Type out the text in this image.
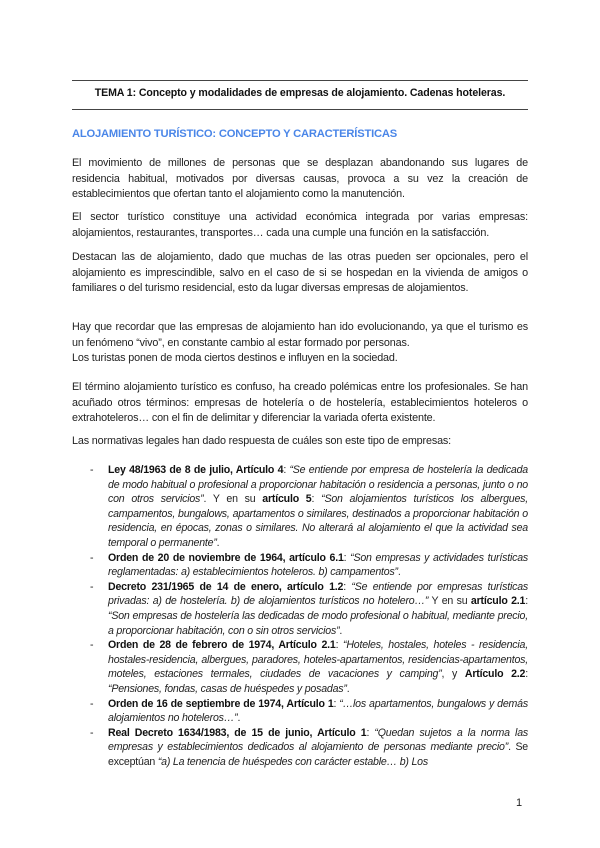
TEMA 1: Concepto y modalidades de empresas de alojamiento. Cadenas hoteleras.
ALOJAMIENTO TURÍSTICO: CONCEPTO Y CARACTERÍSTICAS

El movimiento de millones de personas que se desplazan abandonando sus lugares de residencia habitual, motivados por diversas causas, provoca a su vez la creación de establecimientos que ofertan tanto el alojamiento como la manutención.

El sector turístico constituye una actividad económica integrada por varias empresas: alojamientos, restaurantes, transportes… cada una cumple una función en la satisfacción.

Destacan las de alojamiento, dado que muchas de las otras pueden ser opcionales, pero el alojamiento es imprescindible, salvo en el caso de si se hospedan en la vivienda de amigos o familiares o del turismo residencial, esto da lugar diversas empresas de alojamientos.

Hay que recordar que las empresas de alojamiento han ido evolucionando, ya que el turismo es un fenómeno “vivo”, en constante cambio al estar formado por personas.

Los turistas ponen de moda ciertos destinos e influyen en la sociedad.

El término alojamiento turístico es confuso, ha creado polémicas entre los profesionales. Se han acuñado otros términos: empresas de hotelería o de hostelería, establecimientos hoteleros o extrahoteleros… con el fin de delimitar y diferenciar la variada oferta existente.

Las normativas legales han dado respuesta de cuáles son este tipo de empresas:

- Ley 48/1963 de 8 de julio, Artículo 4: “Se entiende por empresa de hostelería la dedicada de modo habitual o profesional a proporcionar habitación o residencia a personas, junto o no con otros servicios”. Y en su artículo 5: “Son alojamientos turísticos los albergues, campamentos, bungalows, apartamentos o similares, destinados a proporcionar habitación o residencia, en épocas, zonas o similares. No alterará al alojamiento el que la actividad sea temporal o permanente”.
- Orden de 20 de noviembre de 1964, artículo 6.1: “Son empresas y actividades turísticas reglamentadas: a) establecimientos hoteleros. b) campamentos”.
- Decreto 231/1965 de 14 de enero, artículo 1.2: “Se entiende por empresas turísticas privadas: a) de hostelería. b) de alojamientos turísticos no hotelero…” Y en su artículo 2.1: “Son empresas de hostelería las dedicadas de modo profesional o habitual, mediante precio, a proporcionar habitación, con o sin otros servicios”.
- Orden de 28 de febrero de 1974, Artículo 2.1: “Hoteles, hostales, hoteles - residencia, hostales-residencia, albergues, paradores, hoteles-apartamentos, residencias-apartamentos, moteles, estaciones termales, ciudades de vacaciones y camping”, y Artículo 2.2: “Pensiones, fondas, casas de huéspedes y posadas”.
- Orden de 16 de septiembre de 1974, Artículo 1: “…los apartamentos, bungalows y demás alojamientos no hoteleros…”.
- Real Decreto 1634/1983, de 15 de junio, Artículo 1: “Quedan sujetos a la norma las empresas y establecimientos dedicados al alojamiento de personas mediante precio”. Se exceptúan “a) La tenencia de huéspedes con carácter estable… b) Los
1
